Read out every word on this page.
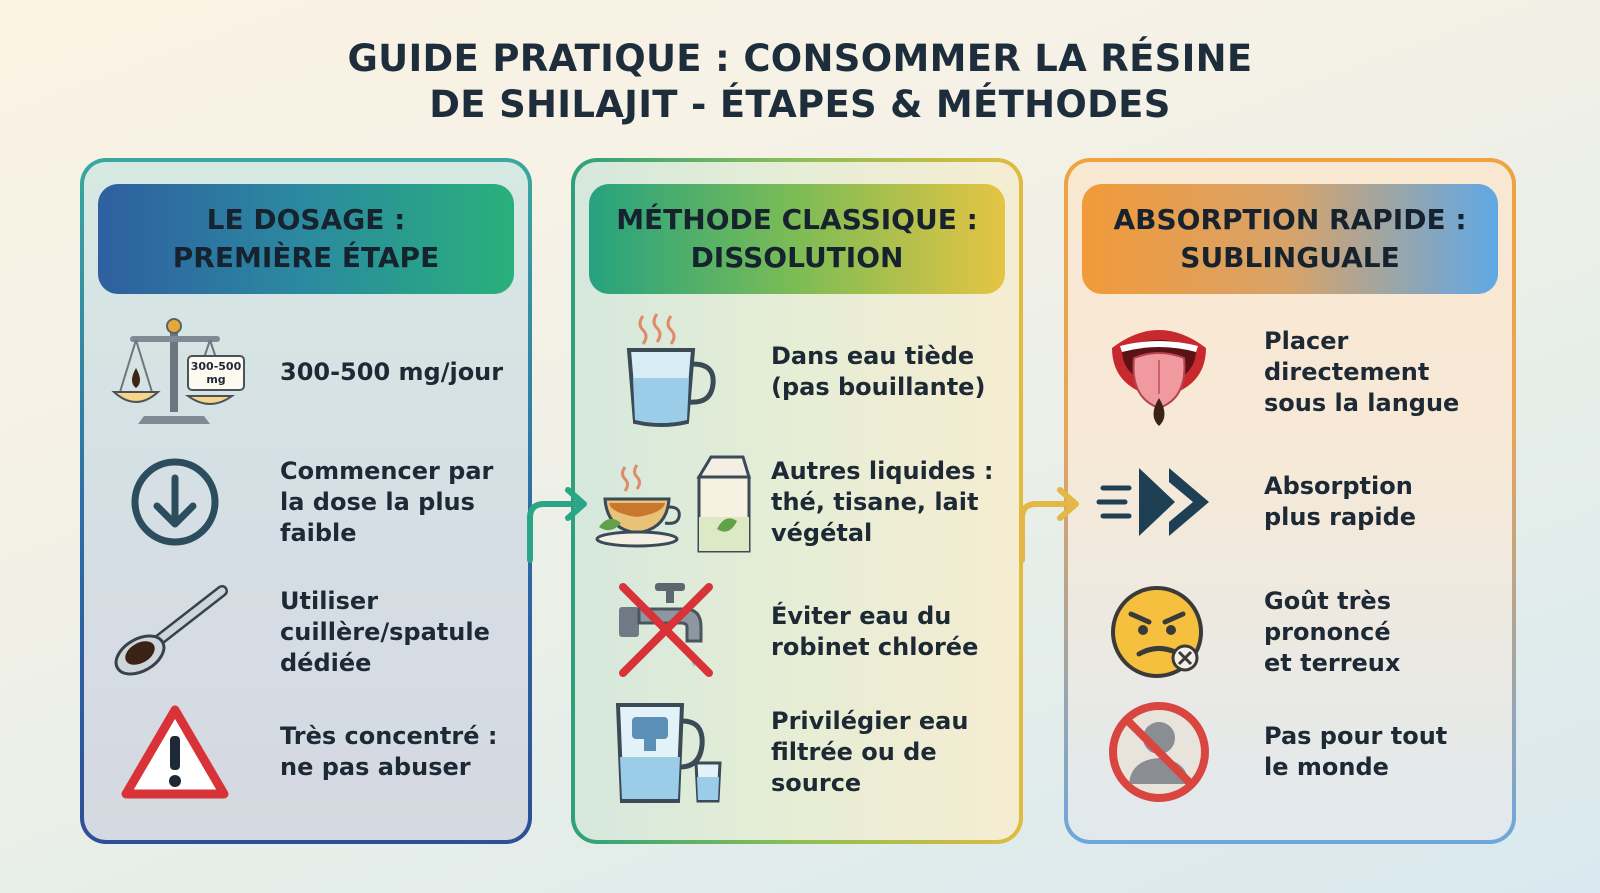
GUIDE PRATIQUE : CONSOMMER LA RÉSINE
DE SHILAJIT - ÉTAPES & MÉTHODES
LE DOSAGE :
PREMIÈRE ÉTAPE
300-500
mg 300-500 mg/jour
Commencer par
la dose la plus
faible
Utiliser
cuillère/spatule
dédiée
Très concentré :
ne pas abuser
MÉTHODE CLASSIQUE :
DISSOLUTION
Dans eau tiède
(pas bouillante)
Autres liquides :
thé, tisane, lait
végétal
Éviter eau du
robinet chlorée
Privilégier eau
filtrée ou de
source
ABSORPTION RAPIDE :
SUBLINGUALE
Placer directement
sous la langue
Absorption
plus rapide
Goût très prononcé
et terreux
Pas pour tout
le monde
